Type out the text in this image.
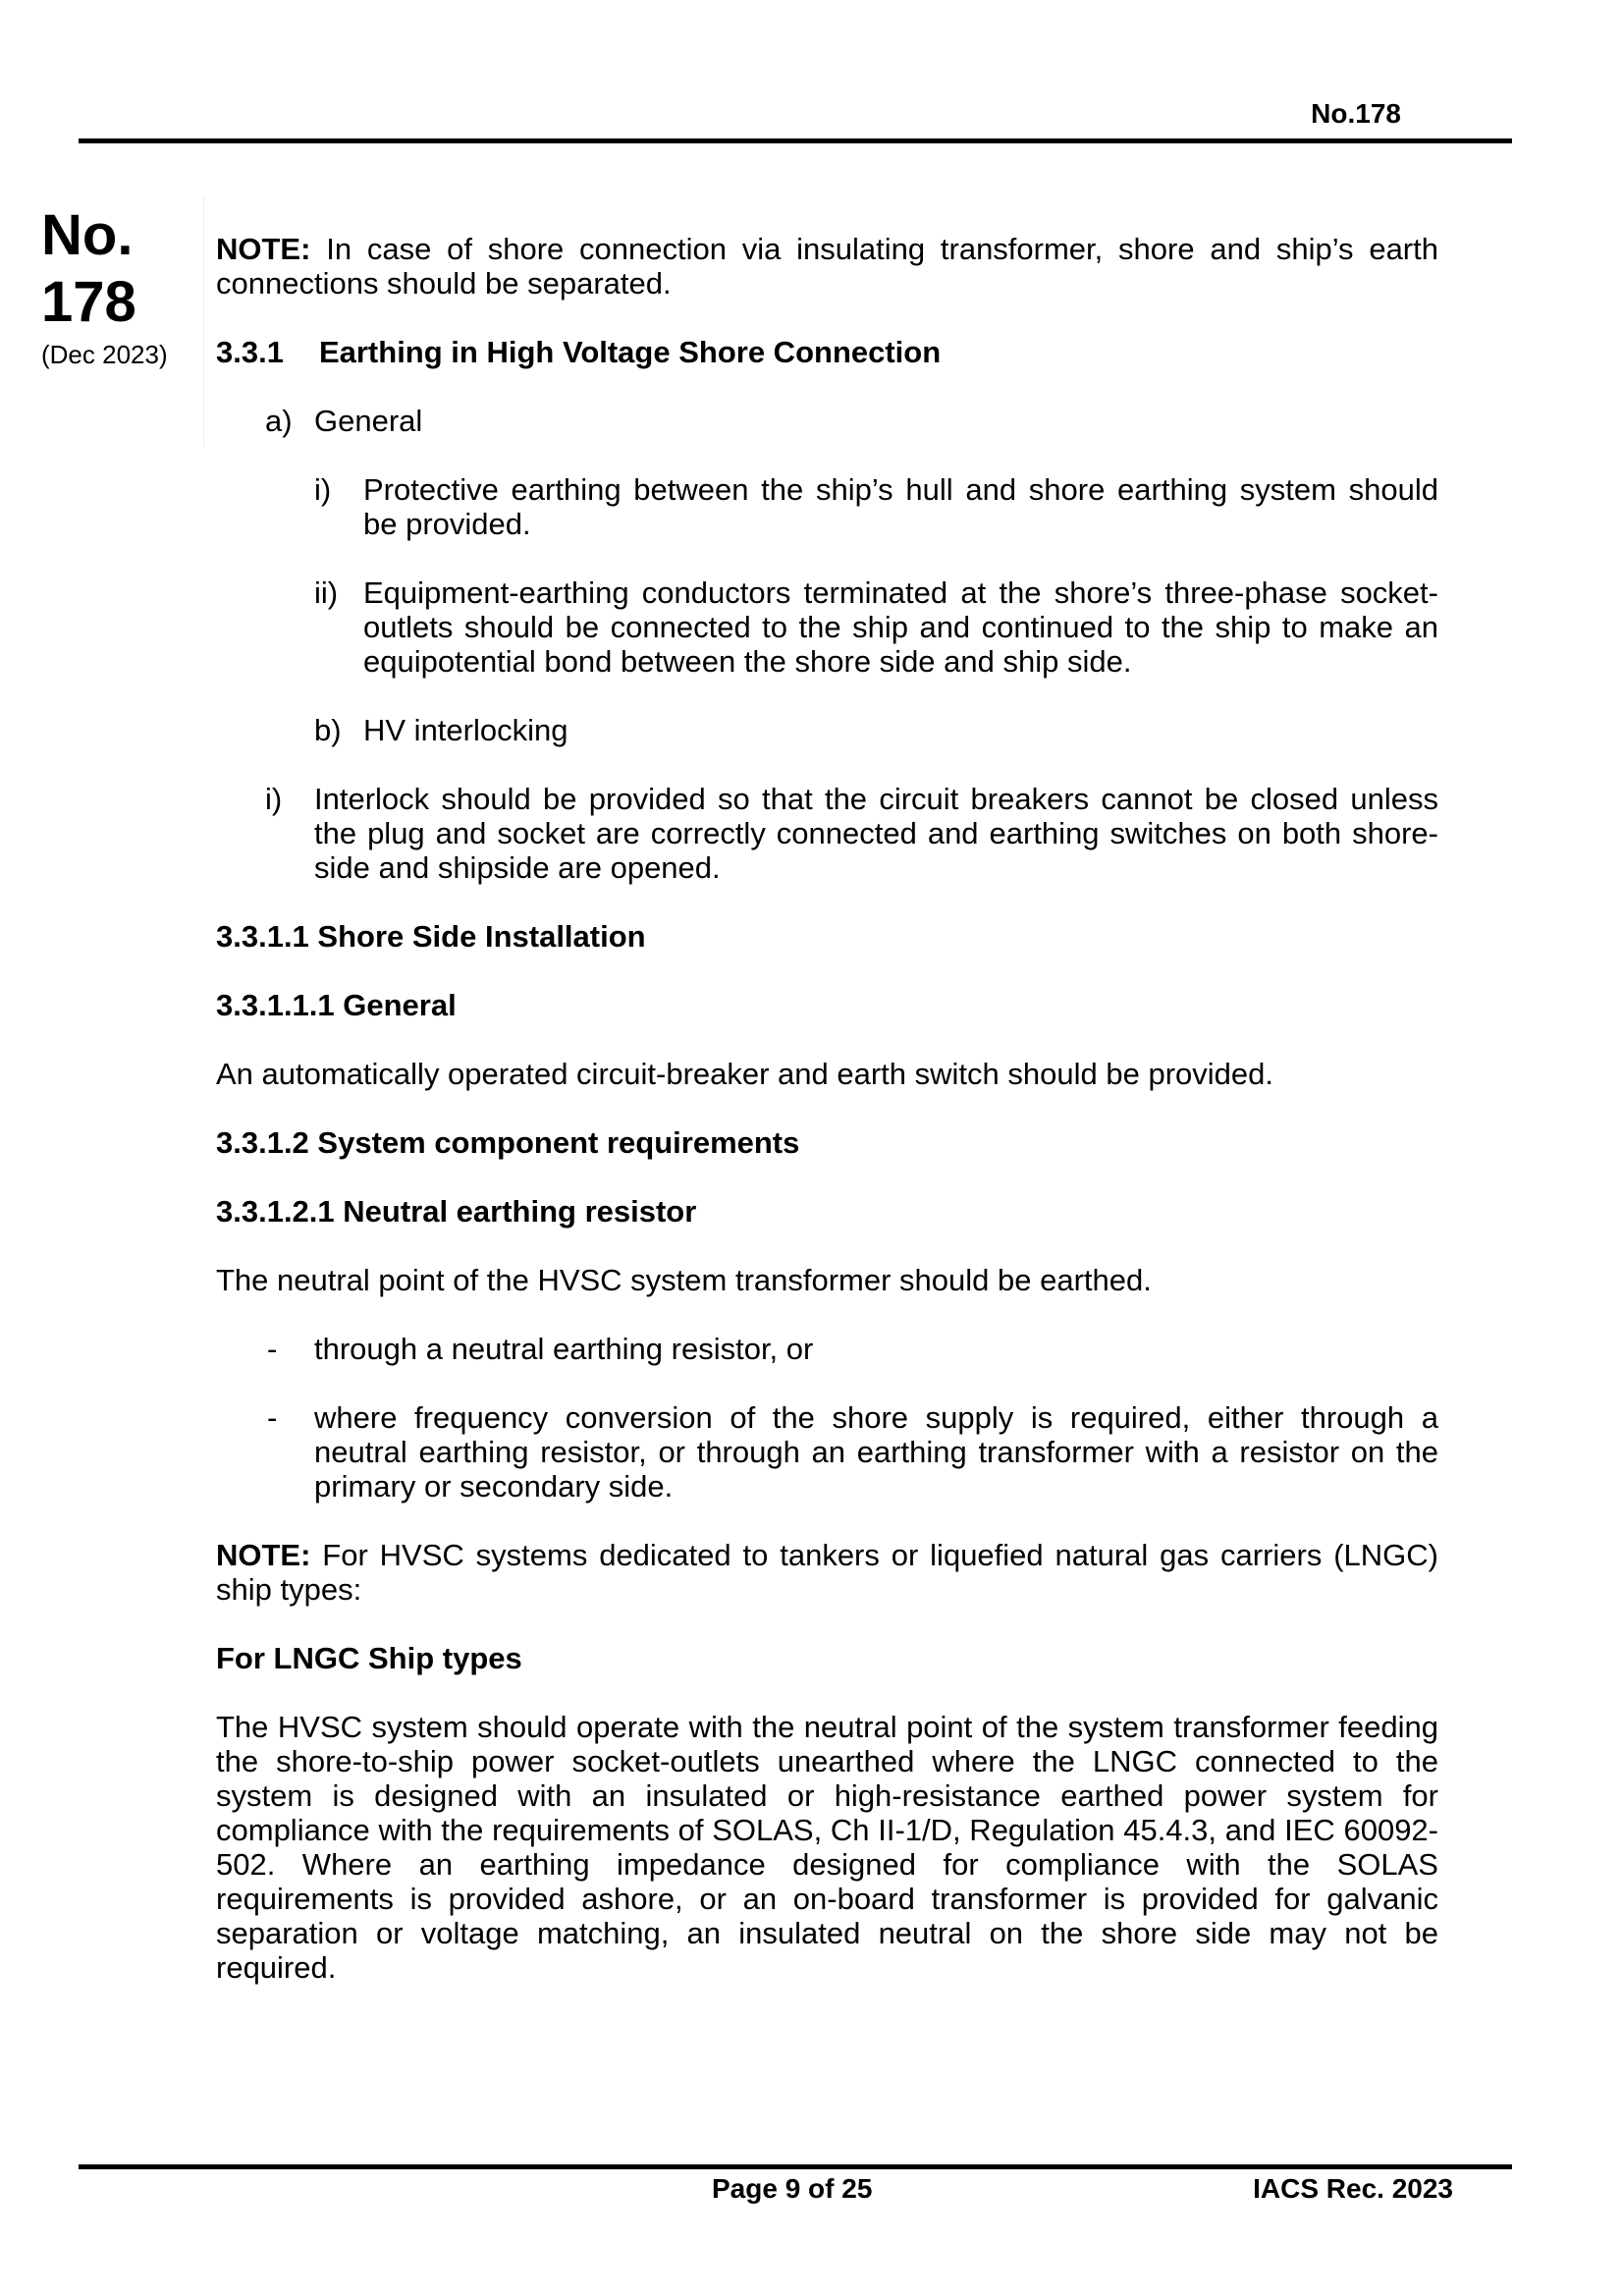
No.178
No.
178
(Dec 2023)

NOTE: In case of shore connection via insulating transformer, shore and ship’s earth connections should be separated.

3.3.1 Earthing in High Voltage Shore Connection

a) General
i) Protective earthing between the ship’s hull and shore earthing system should be provided.
ii) Equipment-earthing conductors terminated at the shore’s three-phase socket-outlets should be connected to the ship and continued to the ship to make an equipotential bond between the shore side and ship side.
b) HV interlocking
i) Interlock should be provided so that the circuit breakers cannot be closed unless the plug and socket are correctly connected and earthing switches on both shore-side and shipside are opened.

3.3.1.1 Shore Side Installation

3.3.1.1.1 General

An automatically operated circuit-breaker and earth switch should be provided.

3.3.1.2 System component requirements

3.3.1.2.1 Neutral earthing resistor

The neutral point of the HVSC system transformer should be earthed.

- through a neutral earthing resistor, or
- where frequency conversion of the shore supply is required, either through a neutral earthing resistor, or through an earthing transformer with a resistor on the primary or secondary side.

NOTE: For HVSC systems dedicated to tankers or liquefied natural gas carriers (LNGC) ship types:

For LNGC Ship types

The HVSC system should operate with the neutral point of the system transformer feeding the shore-to-ship power socket-outlets unearthed where the LNGC connected to the system is designed with an insulated or high-resistance earthed power system for compliance with the requirements of SOLAS, Ch II-1/D, Regulation 45.4.3, and IEC 60092-502. Where an earthing impedance designed for compliance with the SOLAS requirements is provided ashore, or an on-board transformer is provided for galvanic separation or voltage matching, an insulated neutral on the shore side may not be required.

Page 9 of 25	IACS Rec. 2023
